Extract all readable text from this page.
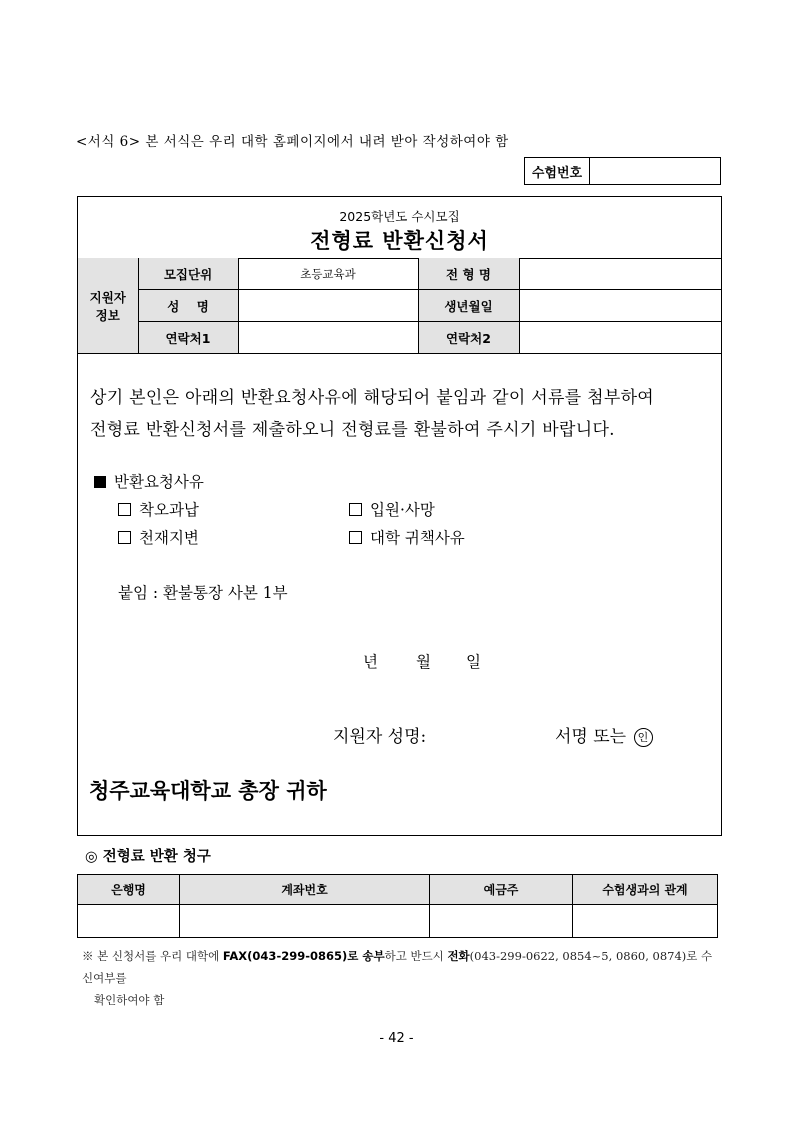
<서식 6> 본 서식은 우리 대학 홈페이지에서 내려 받아 작성하여야 함
수험번호
2025학년도 수시모집
전형료 반환신청서
지원자
정보	모집단위	초등교육과	전 형 명	
	성    명		생년월일	
	연락처1		연락처2	
상기 본인은 아래의 반환요청사유에 해당되어 붙임과 같이 서류를 첨부하여
전형료 반환신청서를 제출하오니 전형료를 환불하여 주시기 바랍니다.
반환요청사유
착오과납	입원·사망
천재지변	대학 귀책사유
붙임 : 환불통장 사본 1부
년 월 일
지원자 성명:	서명 또는 인
청주교육대학교 총장 귀하
◎ 전형료 반환 청구
은행명	계좌번호	예금주	수험생과의 관계

※ 본 신청서를 우리 대학에 FAX(043-299-0865)로 송부하고 반드시 전화(043-299-0622, 0854~5, 0860, 0874)로 수신여부를
확인하여야 함
- 42 -
